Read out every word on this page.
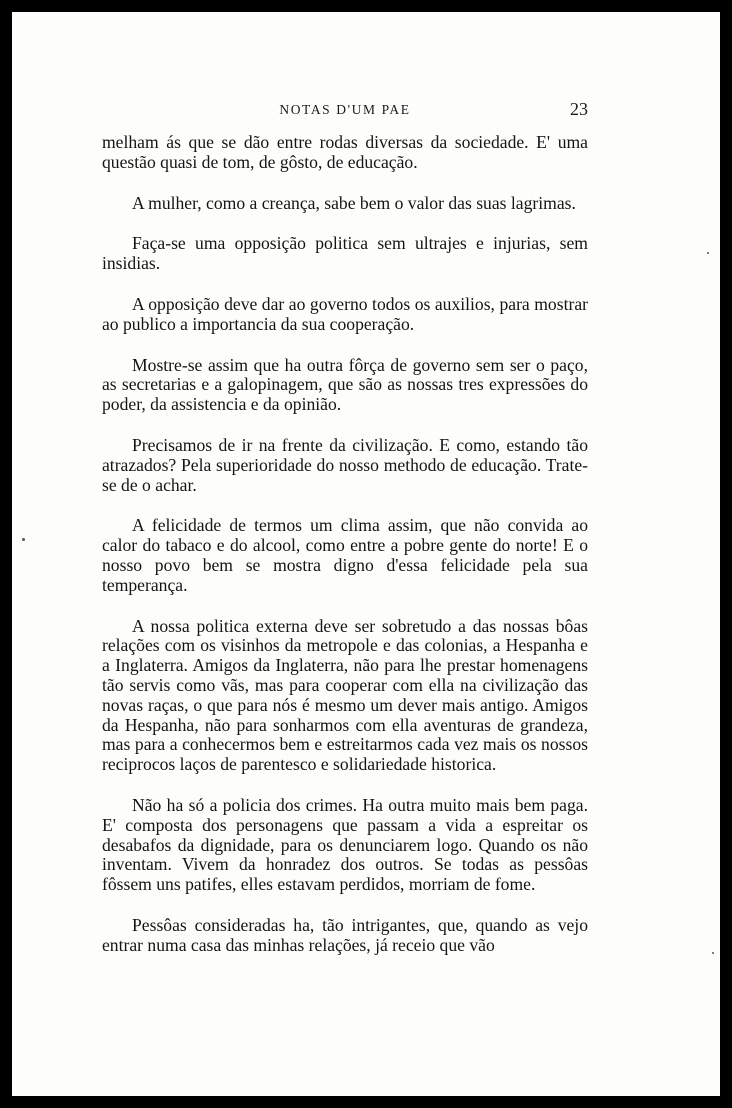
NOTAS D'UM PAE	23

melham ás que se dão entre rodas diversas da sociedade. E' uma questão quasi de tom, de gôsto, de educação.

A mulher, como a creança, sabe bem o valor das suas lagrimas.

Faça-se uma opposição politica sem ultrajes e injurias, sem insidias.

A opposição deve dar ao governo todos os auxilios, para mostrar ao publico a importancia da sua cooperação.

Mostre-se assim que ha outra fôrça de governo sem ser o paço, as secretarias e a galopinagem, que são as nossas tres expressões do poder, da assistencia e da opinião.

Precisamos de ir na frente da civilização. E como, estando tão atrazados? Pela superioridade do nosso methodo de educação. Trate-se de o achar.

A felicidade de termos um clima assim, que não convida ao calor do tabaco e do alcool, como entre a pobre gente do norte! E o nosso povo bem se mostra digno d'essa felicidade pela sua temperança.

A nossa politica externa deve ser sobretudo a das nossas bôas relações com os visinhos da metropole e das colonias, a Hespanha e a Inglaterra. Amigos da Inglaterra, não para lhe prestar homenagens tão servis como vãs, mas para cooperar com ella na civilização das novas raças, o que para nós é mesmo um dever mais antigo. Amigos da Hespanha, não para sonharmos com ella aventuras de grandeza, mas para a conhecermos bem e estreitarmos cada vez mais os nossos reciprocos laços de parentesco e solidariedade historica.

Não ha só a policia dos crimes. Ha outra muito mais bem paga. E' composta dos personagens que passam a vida a espreitar os desabafos da dignidade, para os denunciarem logo. Quando os não inventam. Vivem da honradez dos outros. Se todas as pessôas fôssem uns patifes, elles estavam perdidos, morriam de fome.

Pessôas consideradas ha, tão intrigantes, que, quando as vejo entrar numa casa das minhas relações, já receio que vão
